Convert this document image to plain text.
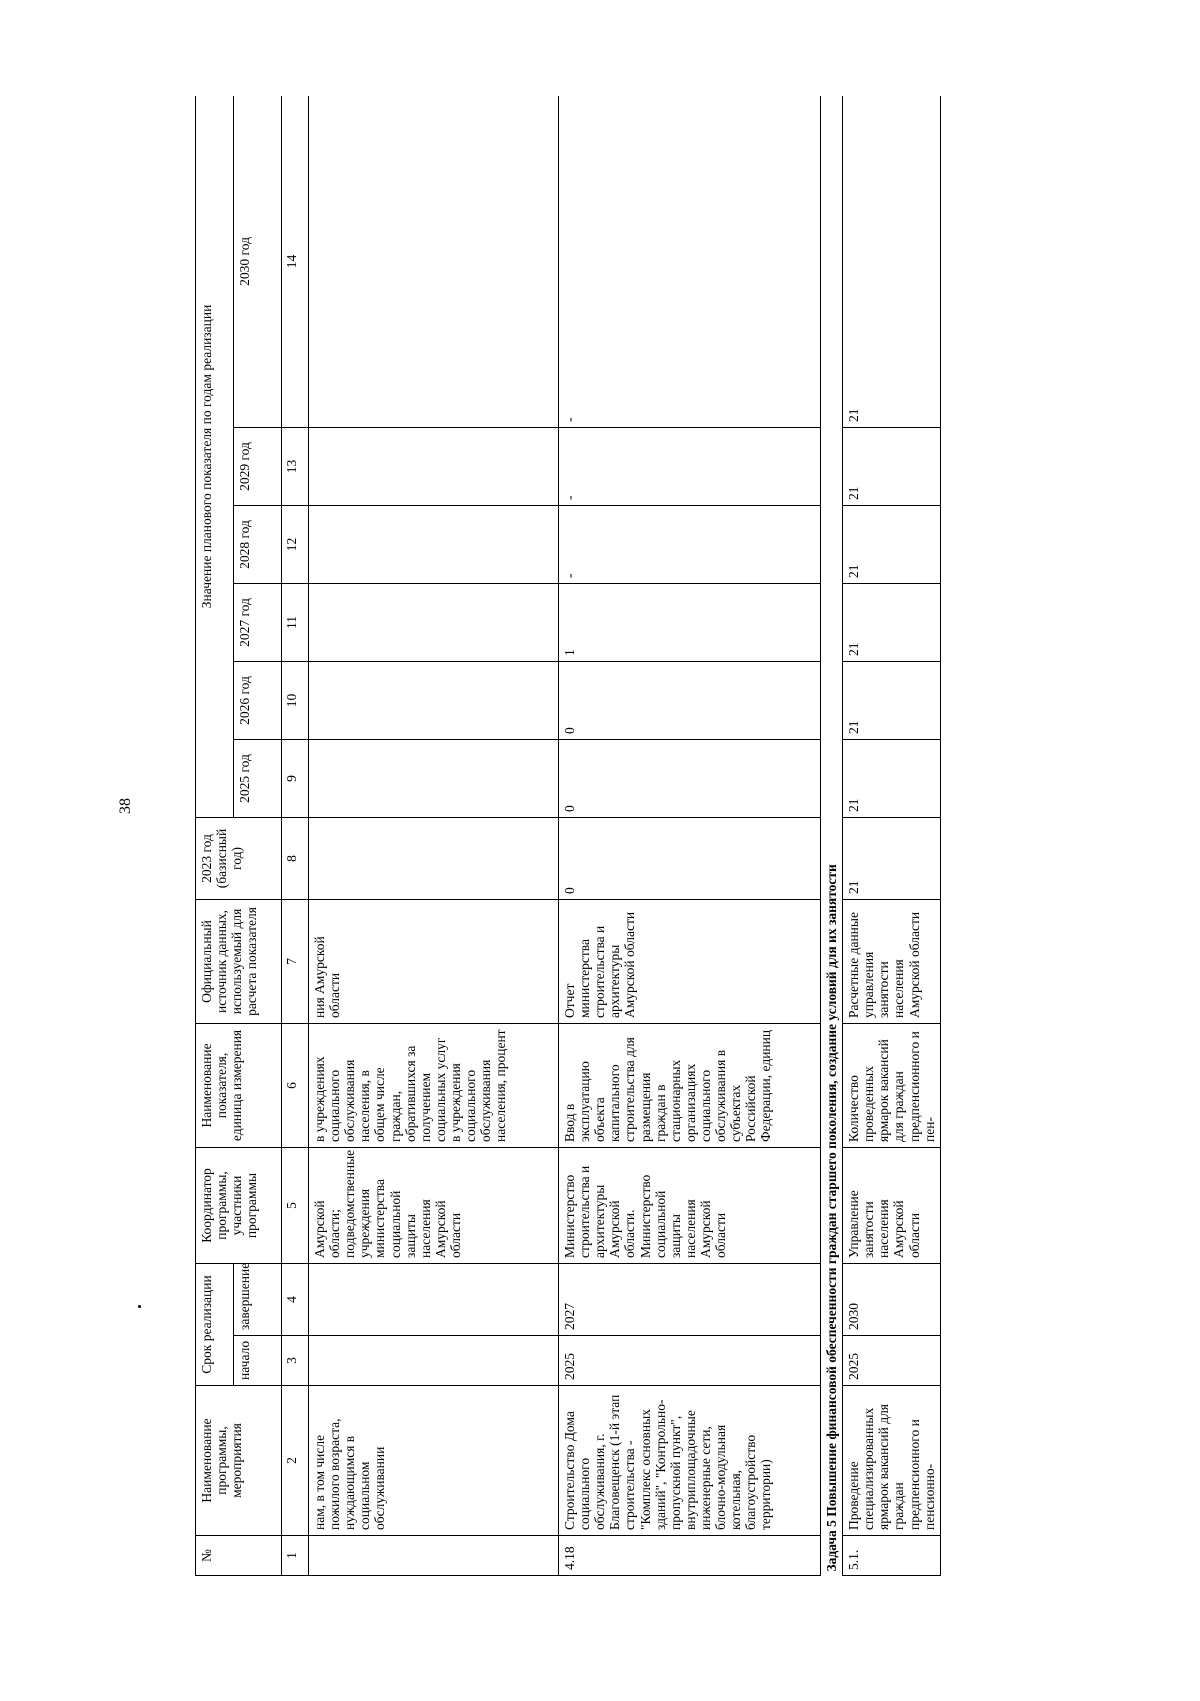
38
№	Наименование программы, мероприятия	Срок реализации		Координатор программы, участники программы	Наименование показателя, единица измерения	Официальный источник данных, используемый для расчета показателя	2023 год (базисный год)	Значение планового показателя по годам реализации					
		начало	завершение					2025 год	2026 год	2027 год	2028 год	2029 год	2030 год
1	2	3	4	5	6	7	8	9	10	11	12	13	14
	нам, в том числе пожилого возраста, нуждающимся в социальном обслуживании			Амурской области; подведомственные учреждения министерства социальной защиты населения Амурской области	в учреждениях социального обслуживания населения, в общем числе граждан, обратившихся за получением социальных услуг в учреждения социального обслуживания населения, процент	ния Амурской области							
4.18	Строительство Дома социального обслуживания, г. Благовещенск (1-й этап строительства - "Комплекс основных зданий", "Контрольно-пропускной пункт", внутриплощадочные инженерные сети, блочно-модульная котельная, благоустройство территории)	2025	2027	Министерство строительства и архитектуры Амурской области. Министерство социальной защиты населения Амурской области	Ввод в эксплуатацию объекта капитального строительства для размещения граждан в стационарных организациях социального обслуживания в субъектах Российской Федерации, единиц	Отчет министерства строительства и архитектуры Амурской области	0	0	0	1	-	-	-
Задача 5 Повышение финансовой обеспеченности граждан старшего поколения, создание условий для их занятости													
5.1.	Проведение специализированных ярмарок вакансий для граждан предпенсионного и пенсионно-	2025	2030	Управление занятости населения Амурской области	Количество проведенных ярмарок вакансий для граждан предпенсионного и пен-	Расчетные данные управления занятости населения Амурской области	21	21	21	21	21	21	21
